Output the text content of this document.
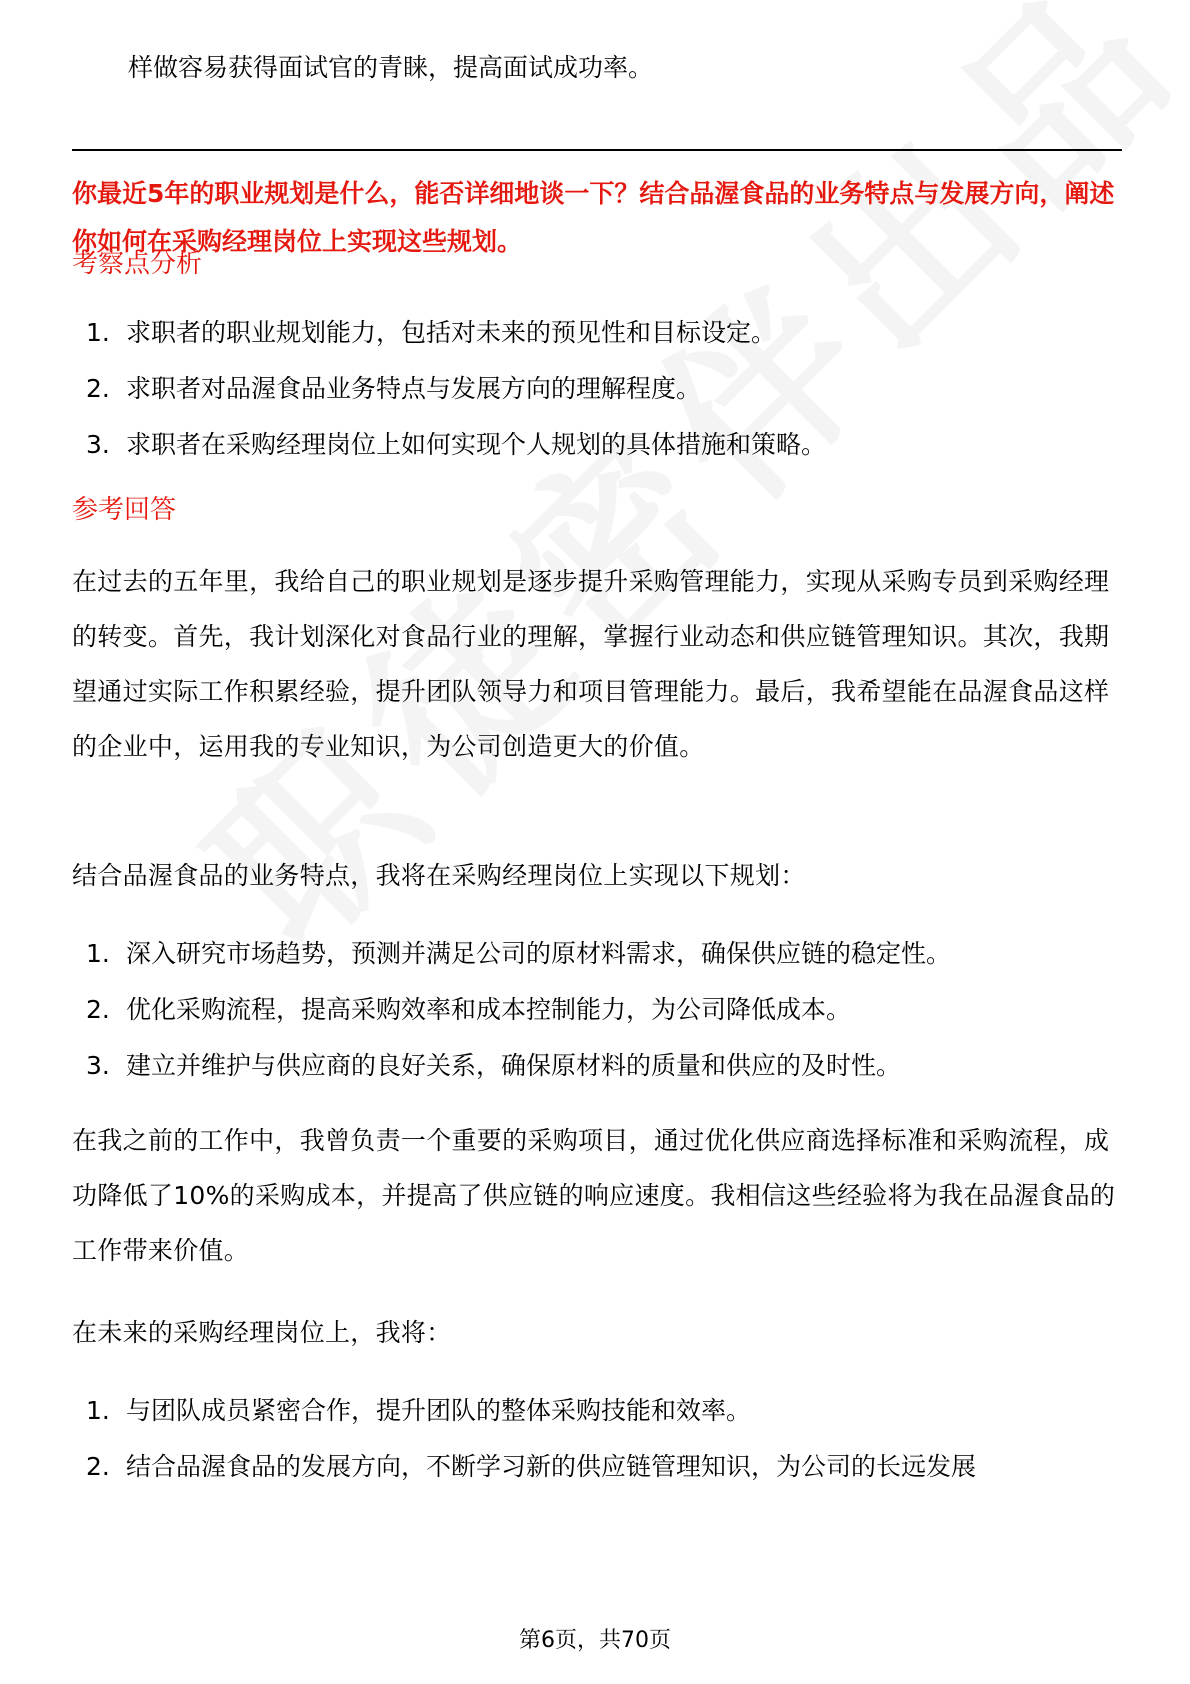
样做容易获得面试官的青睐，提高面试成功率。
你最近5年的职业规划是什么，能否详细地谈一下？结合品渥食品的业务特点与发展方向，阐述你如何在采购经理岗位上实现这些规划。
考察点分析
1. 求职者的职业规划能力，包括对未来的预见性和目标设定。
2. 求职者对品渥食品业务特点与发展方向的理解程度。
3. 求职者在采购经理岗位上如何实现个人规划的具体措施和策略。
参考回答
在过去的五年里，我给自己的职业规划是逐步提升采购管理能力，实现从采购专员到采购经理的转变。首先，我计划深化对食品行业的理解，掌握行业动态和供应链管理知识。其次，我期望通过实际工作积累经验，提升团队领导力和项目管理能力。最后，我希望能在品渥食品这样的企业中，运用我的专业知识，为公司创造更大的价值。
结合品渥食品的业务特点，我将在采购经理岗位上实现以下规划：
1. 深入研究市场趋势，预测并满足公司的原材料需求，确保供应链的稳定性。
2. 优化采购流程，提高采购效率和成本控制能力，为公司降低成本。
3. 建立并维护与供应商的良好关系，确保原材料的质量和供应的及时性。
在我之前的工作中，我曾负责一个重要的采购项目，通过优化供应商选择标准和采购流程，成功降低了10%的采购成本，并提高了供应链的响应速度。我相信这些经验将为我在品渥食品的工作带来价值。
在未来的采购经理岗位上，我将：
1. 与团队成员紧密合作，提升团队的整体采购技能和效率。
2. 结合品渥食品的发展方向，不断学习新的供应链管理知识，为公司的长远发展
第6页，共70页
